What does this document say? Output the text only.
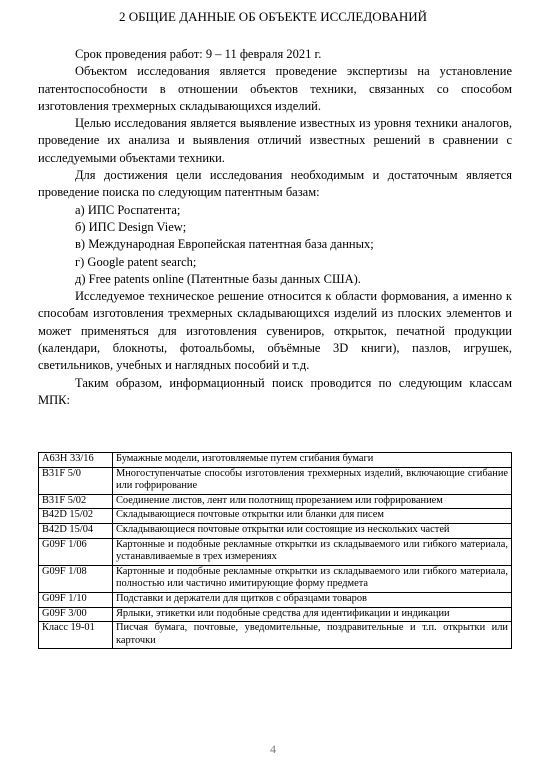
2 ОБЩИЕ ДАННЫЕ ОБ ОБЪЕКТЕ ИССЛЕДОВАНИЙ

Срок проведения работ: 9 – 11 февраля 2021 г.

Объектом исследования является проведение экспертизы на установление патентоспособности в отношении объектов техники, связанных со способом изготовления трехмерных складывающихся изделий.

Целью исследования является выявление известных из уровня техники аналогов, проведение их анализа и выявления отличий известных решений в сравнении с исследуемыми объектами техники.

Для достижения цели исследования необходимым и достаточным является проведение поиска по следующим патентным базам:

а) ИПС Роспатента;

б) ИПС Design View;

в) Международная Европейская патентная база данных;

г) Google patent search;

д) Free patents online (Патентные базы данных США).

Исследуемое техническое решение относится к области формования, а именно к способам изготовления трехмерных складывающихся изделий из плоских элементов и может применяться для изготовления сувениров, открыток, печатной продукции (календари, блокноты, фотоальбомы, объёмные 3D книги), пазлов, игрушек, светильников, учебных и наглядных пособий и т.д.

Таким образом, информационный поиск проводится по следующим классам МПК:

A63H 33/16	Бумажные модели, изготовляемые путем сгибания бумаги
B31F 5/0	Многоступенчатые способы изготовления трехмерных изделий, включающие сгибание или гофрирование
B31F 5/02	Соединение листов, лент или полотнищ прорезанием или гофрированием
B42D 15/02	Складывающиеся почтовые открытки или бланки для писем
B42D 15/04	Складывающиеся почтовые открытки или состоящие из нескольких частей
G09F 1/06	Картонные и подобные рекламные открытки из складываемого или гибкого материала, устанавливаемые в трех измерениях
G09F 1/08	Картонные и подобные рекламные открытки из складываемого или гибкого материала, полностью или частично имитирующие форму предмета
G09F 1/10	Подставки и держатели для щитков с образцами товаров
G09F 3/00	Ярлыки, этикетки или подобные средства для идентификации и индикации
Класс 19-01	Писчая бумага, почтовые, уведомительные, поздравительные и т.п. открытки или карточки
4
